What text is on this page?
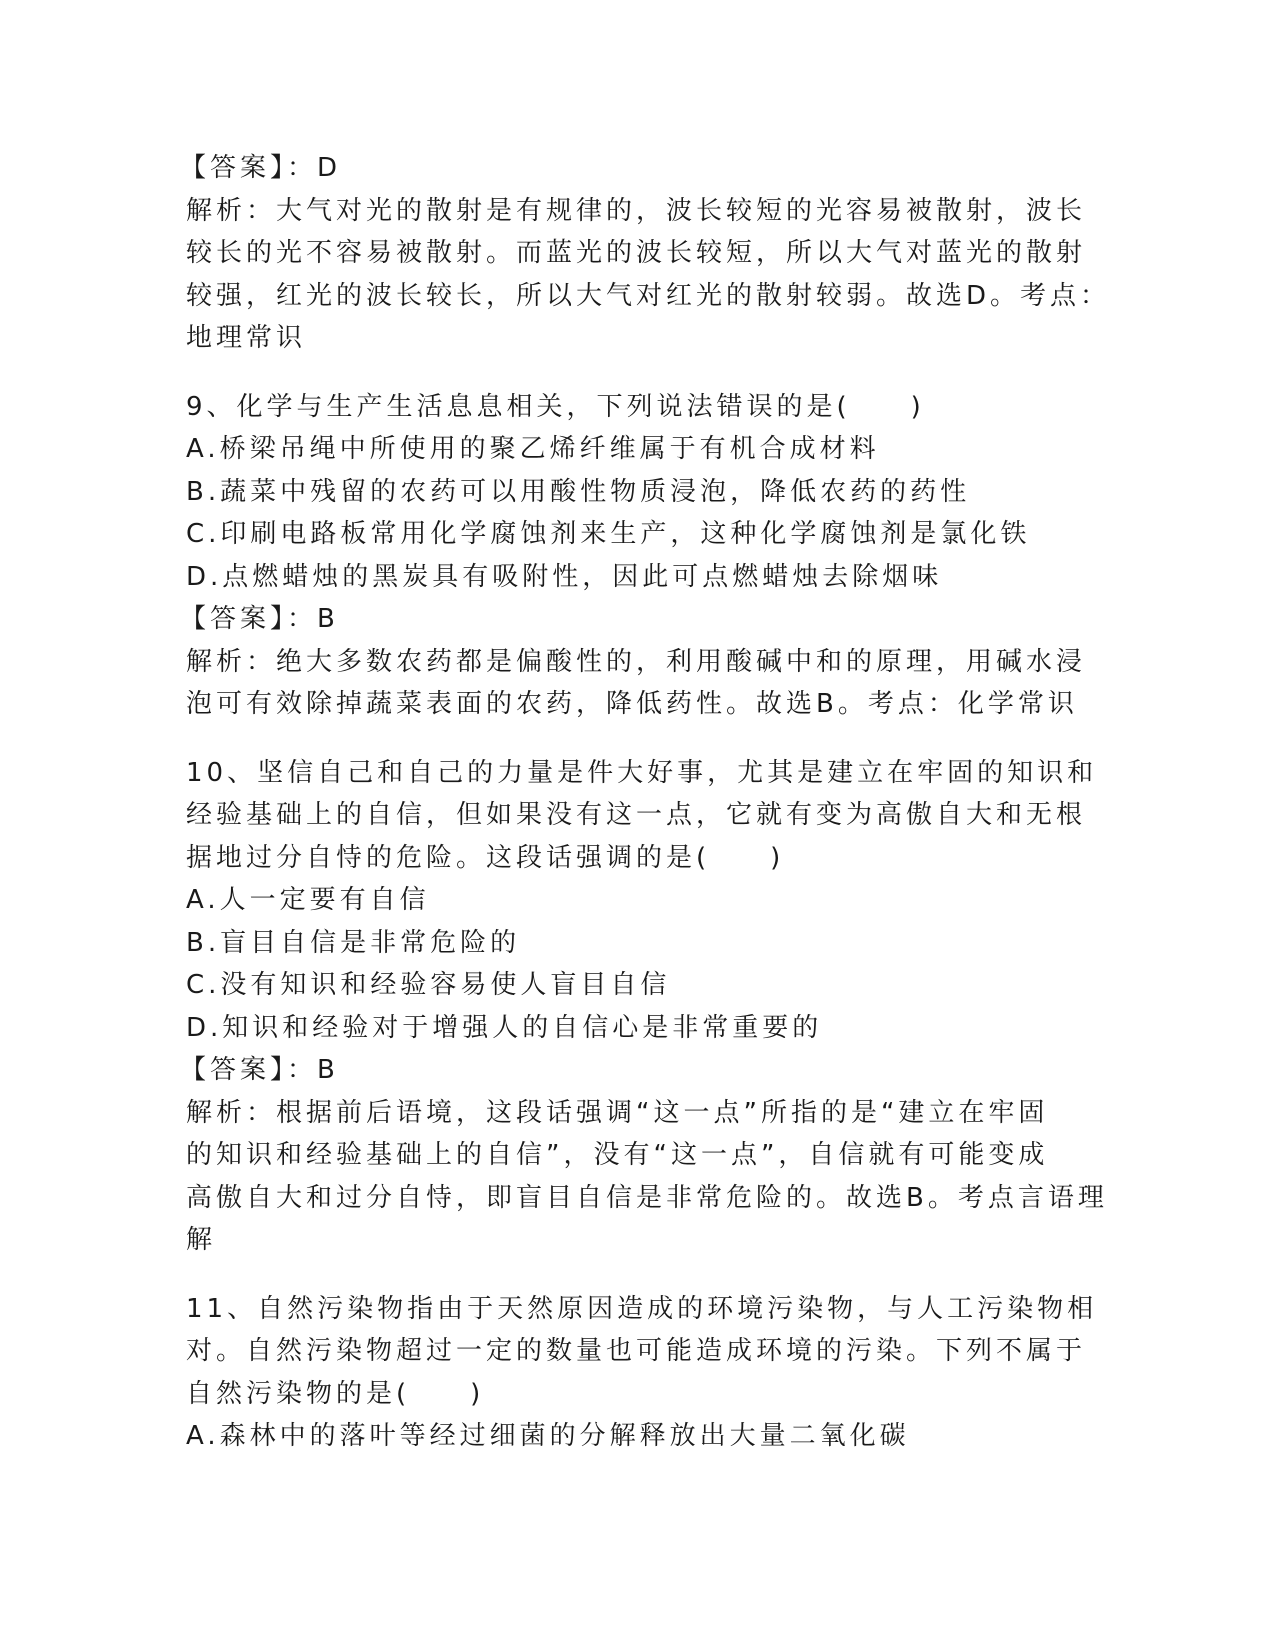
【答案】：D
解析：大气对光的散射是有规律的，波长较短的光容易被散射，波长
较长的光不容易被散射。而蓝光的波长较短，所以大气对蓝光的散射
较强，红光的波长较长，所以大气对红光的散射较弱。故选D。考点：
地理常识
9、化学与生产生活息息相关，下列说法错误的是(　　)
A.桥梁吊绳中所使用的聚乙烯纤维属于有机合成材料
B.蔬菜中残留的农药可以用酸性物质浸泡，降低农药的药性
C.印刷电路板常用化学腐蚀剂来生产，这种化学腐蚀剂是氯化铁
D.点燃蜡烛的黑炭具有吸附性，因此可点燃蜡烛去除烟味
【答案】：B
解析：绝大多数农药都是偏酸性的，利用酸碱中和的原理，用碱水浸
泡可有效除掉蔬菜表面的农药，降低药性。故选B。考点：化学常识
10、坚信自己和自己的力量是件大好事，尤其是建立在牢固的知识和
经验基础上的自信，但如果没有这一点，它就有变为高傲自大和无根
据地过分自恃的危险。这段话强调的是(　　)
A.人一定要有自信
B.盲目自信是非常危险的
C.没有知识和经验容易使人盲目自信
D.知识和经验对于增强人的自信心是非常重要的
【答案】：B
解析：根据前后语境，这段话强调“这一点”所指的是“建立在牢固
的知识和经验基础上的自信”，没有“这一点”，自信就有可能变成
高傲自大和过分自恃，即盲目自信是非常危险的。故选B。考点言语理
解
11、自然污染物指由于天然原因造成的环境污染物，与人工污染物相
对。自然污染物超过一定的数量也可能造成环境的污染。下列不属于
自然污染物的是(　　)
A.森林中的落叶等经过细菌的分解释放出大量二氧化碳
